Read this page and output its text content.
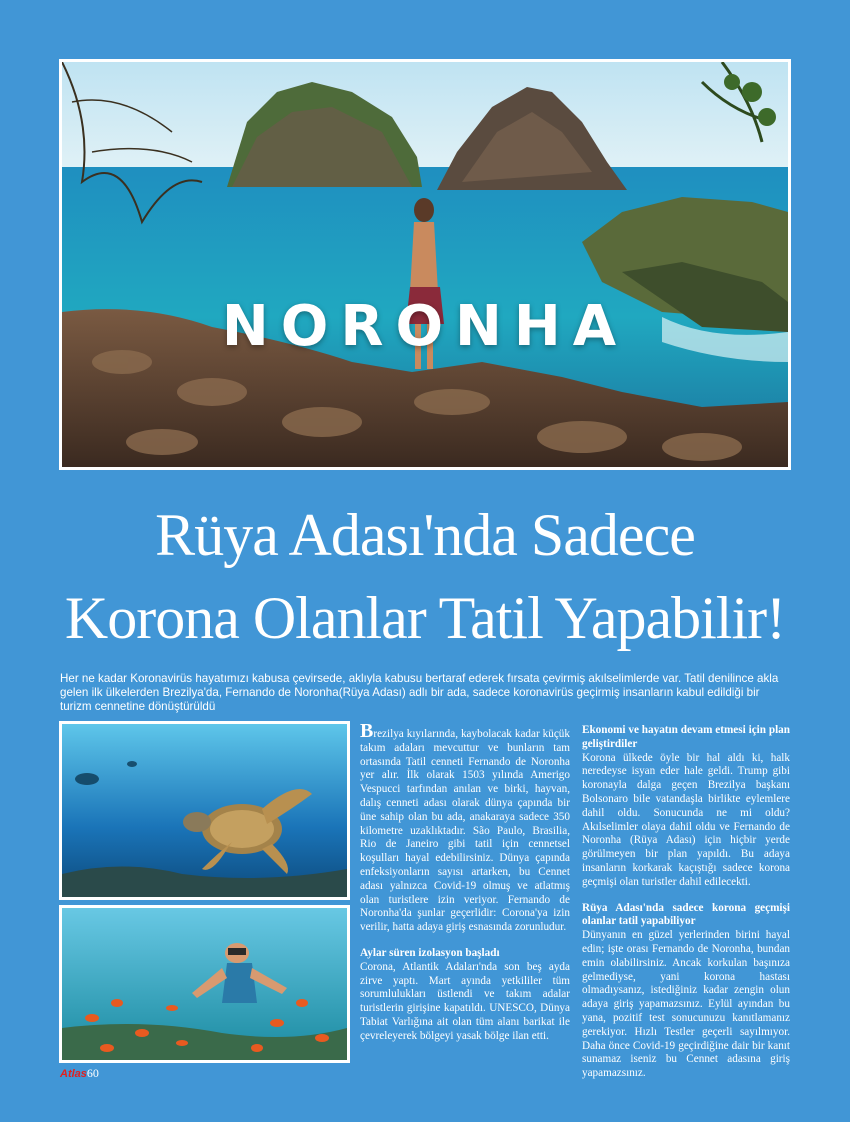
NORONHA
Rüya Adası'nda Sadece
Korona Olanlar Tatil Yapabilir!
Her ne kadar Koronavirüs hayatımızı kabusa çevirsede, aklıyla kabusu bertaraf ederek fırsata çevirmiş akılselimlerde var. Tatil denilince akla gelen ilk ülkelerden Brezilya'da, Fernando de Noronha(Rüya Adası) adlı bir ada, sadece koronavirüs geçirmiş insanların kabul edildiği bir turizm cennetine dönüştürüldü

Brezilya kıyılarında, kaybolacak kadar küçük takım adaları mevcuttur ve bunların tam ortasında Tatil cenneti Fernando de Noronha yer alır. İlk olarak 1503 yılında Amerigo Vespucci tarfından anılan ve birki, hayvan, dalış cenneti adası olarak dünya çapında bir üne sahip olan bu ada, anakaraya sadece 350 kilometre uzaklıktadır. São Paulo, Brasilia, Rio de Janeiro gibi tatil için cennetsel koşulları hayal edebilirsiniz. Dünya çapında enfeksiyonların sayısı artarken, bu Cennet adası yalnızca Covid-19 olmuş ve atlatmış olan turistlere izin veriyor. Fernando de Noronha'da şunlar geçerlidir: Corona'ya izin verilir, hatta adaya giriş esnasında zorunludur.

Aylar süren izolasyon başladı

Corona, Atlantik Adaları'nda son beş ayda zirve yaptı. Mart ayında yetkililer tüm sorumlulukları üstlendi ve takım adalar turistlerin girişine kapatıldı. UNESCO, Dünya Tabiat Varlığına ait olan tüm alanı barikat ile çevreleyerek bölgeyi yasak bölge ilan etti.

Ekonomi ve hayatın devam etmesi için plan geliştirdiler

Korona ülkede öyle bir hal aldı ki, halk neredeyse isyan eder hale geldi. Trump gibi koronayla dalga geçen Brezilya başkanı Bolsonaro bile vatandaşla birlikte eylemlere dahil oldu. Sonucunda ne mi oldu? Akılselimler olaya dahil oldu ve Fernando de Noronha (Rüya Adası) için hiçbir yerde görülmeyen bir plan yapıldı. Bu adaya insanların korkarak kaçıştığı sadece korona geçmişi olan turistler dahil edilecekti.

Rüya Adası'nda sadece korona geçmişi olanlar tatil yapabiliyor

Dünyanın en güzel yerlerinden birini hayal edin; işte orası Fernando de Noronha, bundan emin olabilirsiniz. Ancak korkulan başınıza gelmediyse, yani korona hastası olmadıysanız, istediğiniz kadar zengin olun adaya giriş yapamazsınız. Eylül ayından bu yana, pozitif test sonucunuzu kanıtlamanız gerekiyor. Hızlı Testler geçerli sayılmıyor. Daha önce Covid-19 geçirdiğine dair bir kanıt sunamaz iseniz bu Cennet adasına giriş yapamazsınız.

Atlas60
